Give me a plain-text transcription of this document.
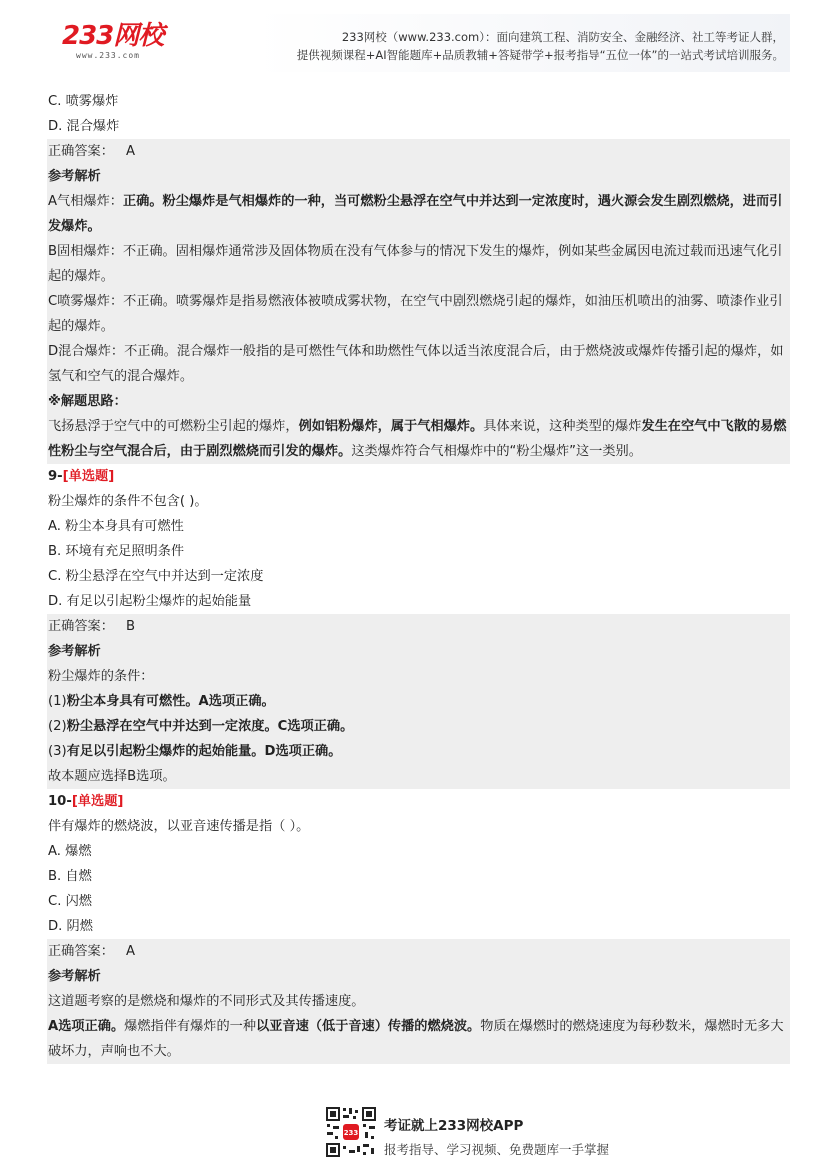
233网校
www.233.com
233网校（www.233.com）：面向建筑工程、消防安全、金融经济、社工等考证人群，
提供视频课程+AI智能题库+品质教辅+答疑带学+报考指导“五位一体”的一站式考试培训服务。
C. 喷雾爆炸
D. 混合爆炸
正确答案： A
参考解析
A气相爆炸：正确。粉尘爆炸是气相爆炸的一种，当可燃粉尘悬浮在空气中并达到一定浓度时，遇火源会发生剧烈燃烧，进而引发爆炸。
B固相爆炸：不正确。固相爆炸通常涉及固体物质在没有气体参与的情况下发生的爆炸，例如某些金属因电流过载而迅速气化引起的爆炸。
C喷雾爆炸：不正确。喷雾爆炸是指易燃液体被喷成雾状物，在空气中剧烈燃烧引起的爆炸，如油压机喷出的油雾、喷漆作业引起的爆炸。
D混合爆炸：不正确。混合爆炸一般指的是可燃性气体和助燃性气体以适当浓度混合后，由于燃烧波或爆炸传播引起的爆炸，如氢气和空气的混合爆炸。
※解题思路：
飞扬悬浮于空气中的可燃粉尘引起的爆炸，例如铝粉爆炸，属于气相爆炸。具体来说，这种类型的爆炸发生在空气中飞散的易燃性粉尘与空气混合后，由于剧烈燃烧而引发的爆炸。这类爆炸符合气相爆炸中的“粉尘爆炸”这一类别。
9-[单选题]
粉尘爆炸的条件不包含( )。
A. 粉尘本身具有可燃性
B. 环境有充足照明条件
C. 粉尘悬浮在空气中并达到一定浓度
D. 有足以引起粉尘爆炸的起始能量
正确答案： B
参考解析
粉尘爆炸的条件：
(1)粉尘本身具有可燃性。A选项正确。
(2)粉尘悬浮在空气中并达到一定浓度。C选项正确。
(3)有足以引起粉尘爆炸的起始能量。D选项正确。
故本题应选择B选项。
10-[单选题]
伴有爆炸的燃烧波，以亚音速传播是指（ ）。
A. 爆燃
B. 自燃
C. 闪燃
D. 阴燃
正确答案： A
参考解析
这道题考察的是燃烧和爆炸的不同形式及其传播速度。
A选项正确。爆燃指伴有爆炸的一种以亚音速（低于音速）传播的燃烧波。物质在爆燃时的燃烧速度为每秒数米，爆燃时无多大破坏力，声响也不大。
233 考证就上233网校APP
报考指导、学习视频、免费题库一手掌握
